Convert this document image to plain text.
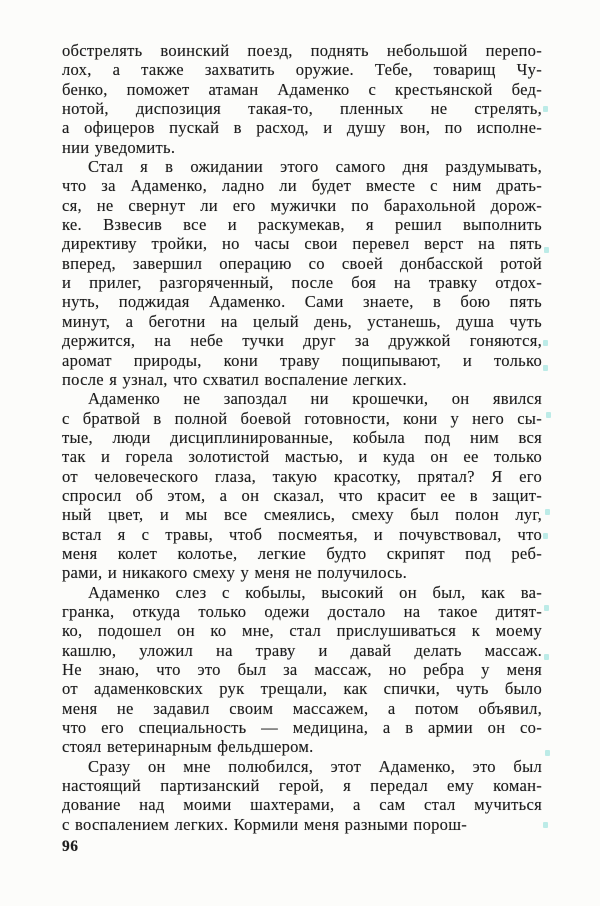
обстрелять воинский поезд, поднять небольшой перепо-
лох, а также захватить оружие. Тебе, товарищ Чу-
бенко, поможет атаман Адаменко с крестьянской бед-
нотой, диспозиция такая-то, пленных не стрелять,
а офицеров пускай в расход, и душу вон, по исполне-
нии уведомить.
Стал я в ожидании этого самого дня раздумывать,
что за Адаменко, ладно ли будет вместе с ним драть-
ся, не свернут ли его мужички по барахольной дорож-
ке. Взвесив все и раскумекав, я решил выполнить
директиву тройки, но часы свои перевел верст на пять
вперед, завершил операцию со своей донбасской ротой
и прилег, разгоряченный, после боя на травку отдох-
нуть, поджидая Адаменко. Сами знаете, в бою пять
минут, а беготни на целый день, устанешь, душа чуть
держится, на небе тучки друг за дружкой гоняются,
аромат природы, кони траву пощипывают, и только
после я узнал, что схватил воспаление легких.
Адаменко не запоздал ни крошечки, он явился
с братвой в полной боевой готовности, кони у него сы-
тые, люди дисциплинированные, кобыла под ним вся
так и горела золотистой мастью, и куда он ее только
от человеческого глаза, такую красотку, прятал? Я его
спросил об этом, а он сказал, что красит ее в защит-
ный цвет, и мы все смеялись, смеху был полон луг,
встал я с травы, чтоб посмеятья, и почувствовал, что
меня колет колотье, легкие будто скрипят под реб-
рами, и никакого смеху у меня не получилось.
Адаменко слез с кобылы, высокий он был, как ва-
гранка, откуда только одежи достало на такое дитят-
ко, подошел он ко мне, стал прислушиваться к моему
кашлю, уложил на траву и давай делать массаж.
Не знаю, что это был за массаж, но ребра у меня
от адаменковских рук трещали, как спички, чуть было
меня не задавил своим массажем, а потом объявил,
что его специальность — медицина, а в армии он со-
стоял ветеринарным фельдшером.
Сразу он мне полюбился, этот Адаменко, это был
настоящий партизанский герой, я передал ему коман-
дование над моими шахтерами, а сам стал мучиться
с воспалением легких. Кормили меня разными порош-
96
